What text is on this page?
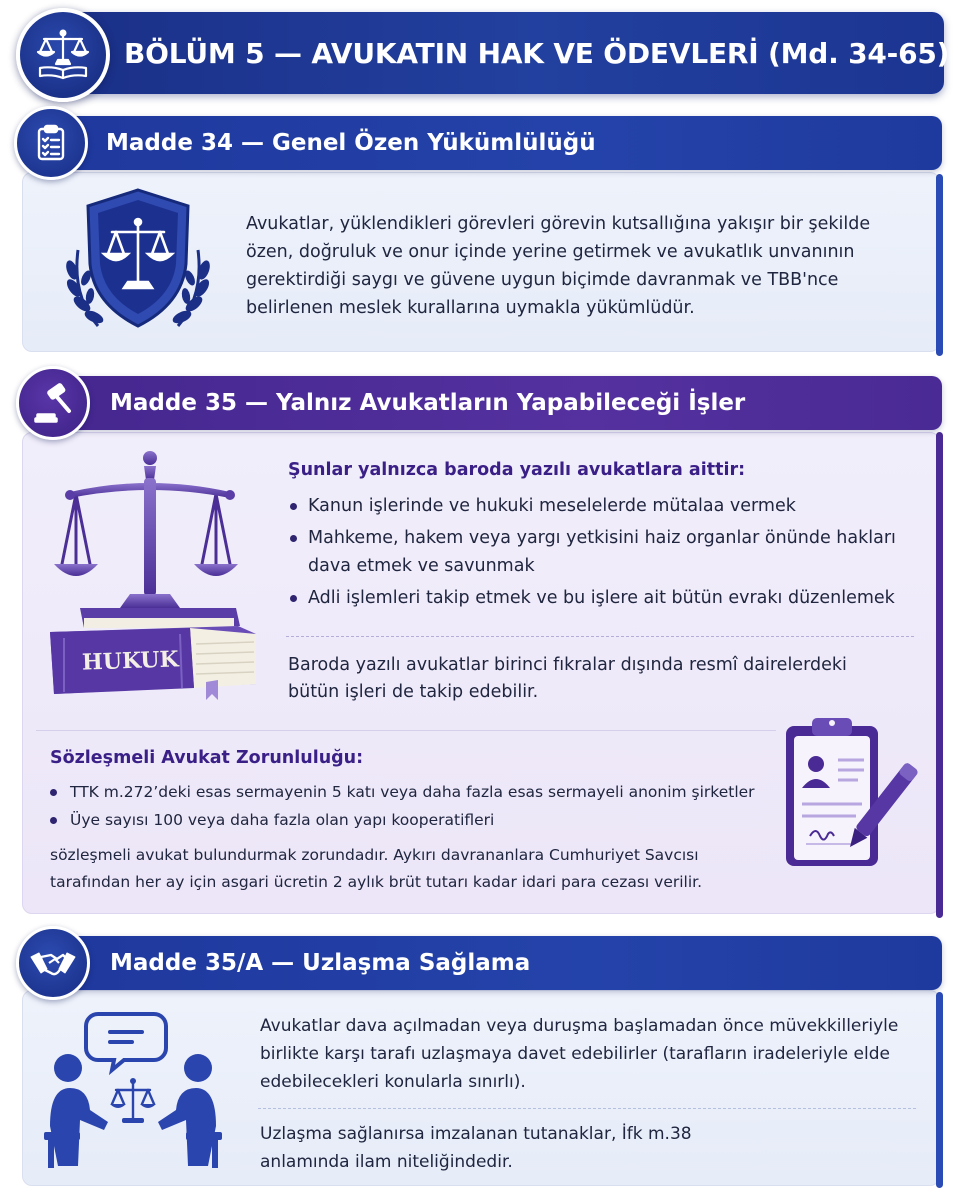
BÖLÜM 5 — AVUKATIN HAK VE ÖDEVLERİ (Md. 34-65)
Madde 34 — Genel Özen Yükümlülüğü
Avukatlar, yüklendikleri görevleri görevin kutsallığına yakışır bir şekilde özen, doğruluk ve onur içinde yerine getirmek ve avukatlık unvanının gerektirdiği saygı ve güvene uygun biçimde davranmak ve TBB'nce belirlenen meslek kurallarına uymakla yükümlüdür.
Madde 35 — Yalnız Avukatların Yapabileceği İşler
HUKUK
Şunlar yalnızca baroda yazılı avukatlara aittir:
Kanun işlerinde ve hukuki meselelerde mütalaa vermek
Mahkeme, hakem veya yargı yetkisini haiz organlar önünde hakları dava etmek ve savunmak
Adli işlemleri takip etmek ve bu işlere ait bütün evrakı düzenlemek
Baroda yazılı avukatlar birinci fıkralar dışında resmî dairelerdeki bütün işleri de takip edebilir.
Sözleşmeli Avukat Zorunluluğu:
TTK m.272’deki esas sermayenin 5 katı veya daha fazla esas sermayeli anonim şirketler
Üye sayısı 100 veya daha fazla olan yapı kooperatifleri
sözleşmeli avukat bulundurmak zorundadır. Aykırı davrananlara Cumhuriyet Savcısı tarafından her ay için asgari ücretin 2 aylık brüt tutarı kadar idari para cezası verilir.
Madde 35/A — Uzlaşma Sağlama
Avukatlar dava açılmadan veya duruşma başlamadan önce müvekkilleriyle birlikte karşı tarafı uzlaşmaya davet edebilirler (tarafların iradeleriyle elde edebilecekleri konularla sınırlı).
Uzlaşma sağlanırsa imzalanan tutanaklar, İfk m.38 anlamında ilam niteliğindedir.
